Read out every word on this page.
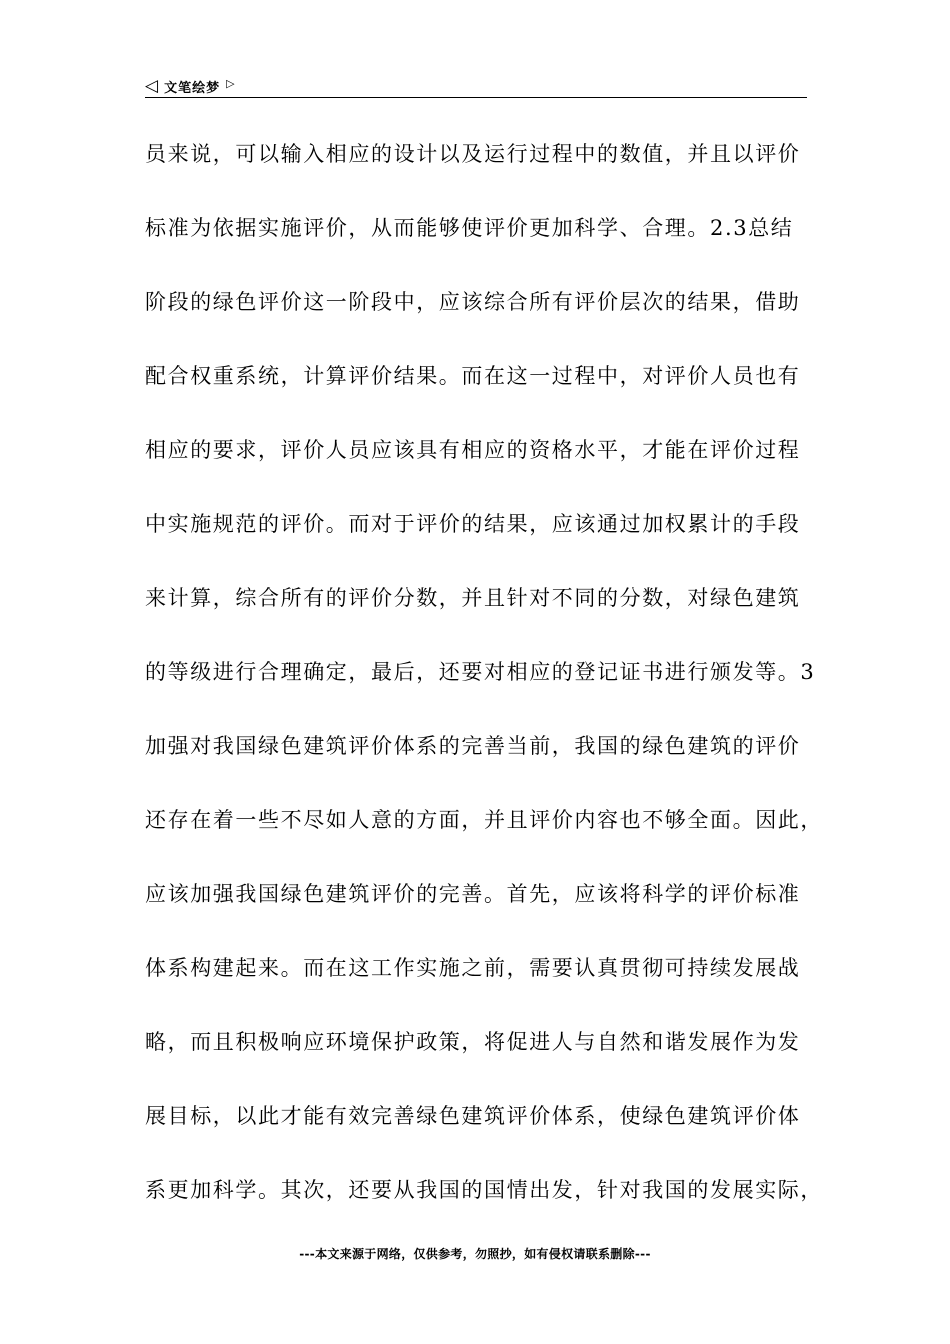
◁ 文笔绘梦 ▷
员来说，可以输入相应的设计以及运行过程中的数值，并且以评价
标准为依据实施评价，从而能够使评价更加科学、合理。2.3总结
阶段的绿色评价这一阶段中，应该综合所有评价层次的结果，借助
配合权重系统，计算评价结果。而在这一过程中，对评价人员也有
相应的要求，评价人员应该具有相应的资格水平，才能在评价过程
中实施规范的评价。而对于评价的结果，应该通过加权累计的手段
来计算，综合所有的评价分数，并且针对不同的分数，对绿色建筑
的等级进行合理确定，最后，还要对相应的登记证书进行颁发等。3
加强对我国绿色建筑评价体系的完善当前，我国的绿色建筑的评价
还存在着一些不尽如人意的方面，并且评价内容也不够全面。因此，
应该加强我国绿色建筑评价的完善。首先，应该将科学的评价标准
体系构建起来。而在这工作实施之前，需要认真贯彻可持续发展战
略，而且积极响应环境保护政策，将促进人与自然和谐发展作为发
展目标，以此才能有效完善绿色建筑评价体系，使绿色建筑评价体
系更加科学。其次，还要从我国的国情出发，针对我国的发展实际，
---本文来源于网络，仅供参考，勿照抄，如有侵权请联系删除---
